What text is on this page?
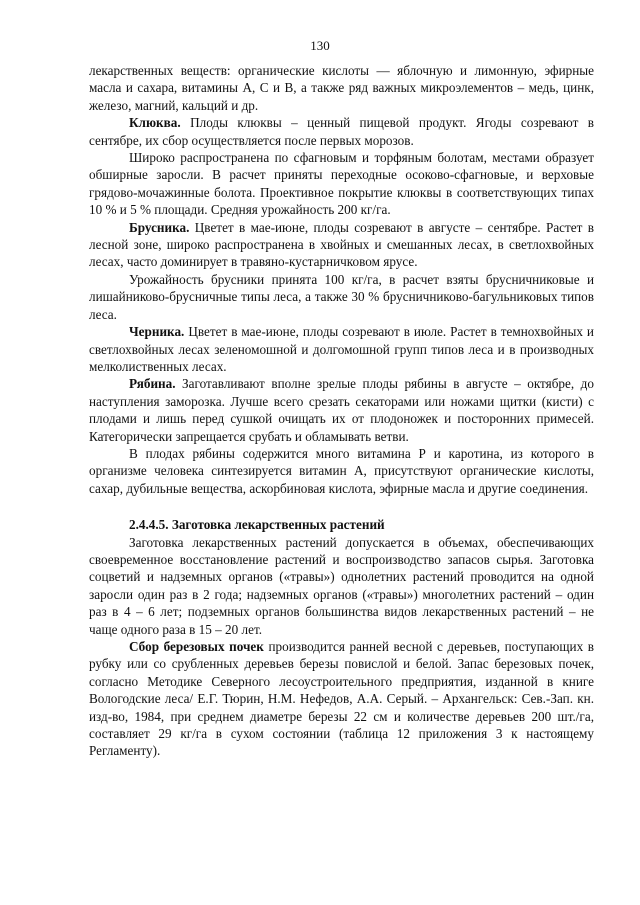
130

лекарственных веществ: органические кислоты — яблочную и лимонную, эфирные масла и сахара, витамины А, С и В, а также ряд важных микроэлементов – медь, цинк, железо, магний, кальций и др.

Клюква. Плоды клюквы – ценный пищевой продукт. Ягоды созревают в сентябре, их сбор осуществляется после первых морозов.

Широко распространена по сфагновым и торфяным болотам, местами образует обширные заросли. В расчет приняты переходные осоково-сфагновые, и верховые грядово-мочажинные болота. Проективное покрытие клюквы в соответствующих типах 10 % и 5 % площади. Средняя урожайность 200 кг/га.

Брусника. Цветет в мае-июне, плоды созревают в августе – сентябре. Растет в лесной зоне, широко распространена в хвойных и смешанных лесах, в светлохвойных лесах, часто доминирует в травяно-кустарничковом ярусе.

Урожайность брусники принята 100 кг/га, в расчет взяты брусничниковые и лишайниково-брусничные типы леса, а также 30 % брусничниково-багульниковых типов леса.

Черника. Цветет в мае-июне, плоды созревают в июле. Растет в темнохвойных и светлохвойных лесах зеленомошной и долгомошной групп типов леса и в производных мелколиственных лесах.

Рябина. Заготавливают вполне зрелые плоды рябины в августе – октябре, до наступления заморозка. Лучше всего срезать секаторами или ножами щитки (кисти) с плодами и лишь перед сушкой очищать их от плодоножек и посторонних примесей. Категорически запрещается срубать и обламывать ветви.

В плодах рябины содержится много витамина Р и каротина, из которого в организме человека синтезируется витамин А, присутствуют органические кислоты, сахар, дубильные вещества, аскорбиновая кислота, эфирные масла и другие соединения.

2.4.4.5. Заготовка лекарственных растений

Заготовка лекарственных растений допускается в объемах, обеспечивающих своевременное восстановление растений и воспроизводство запасов сырья. Заготовка соцветий и надземных органов («травы») однолетних растений проводится на одной заросли один раз в 2 года; надземных органов («травы») многолетних растений – один раз в 4 – 6 лет; подземных органов большинства видов лекарственных растений – не чаще одного раза в 15 – 20 лет.

Сбор березовых почек производится ранней весной с деревьев, поступающих в рубку или со срубленных деревьев березы повислой и белой. Запас березовых почек, согласно Методике Северного лесоустроительного предприятия, изданной в книге Вологодские леса/ Е.Г. Тюрин, Н.М. Нефедов, А.А. Серый. – Архангельск: Сев.-Зап. кн. изд-во, 1984, при среднем диаметре березы 22 см и количестве деревьев 200 шт./га, составляет 29 кг/га в сухом состоянии (таблица 12 приложения 3 к настоящему Регламенту).
